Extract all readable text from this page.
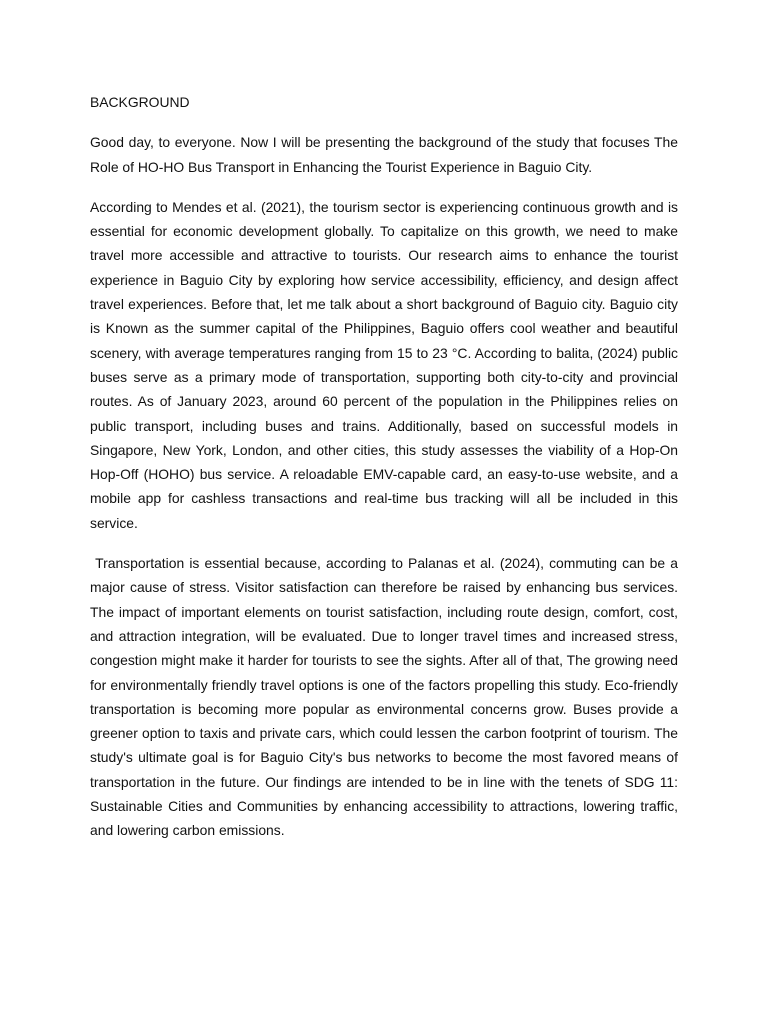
BACKGROUND

Good day, to everyone. Now I will be presenting the background of the study that focuses The Role of HO-HO Bus Transport in Enhancing the Tourist Experience in Baguio City.

According to Mendes et al. (2021), the tourism sector is experiencing continuous growth and is essential for economic development globally. To capitalize on this growth, we need to make travel more accessible and attractive to tourists. Our research aims to enhance the tourist experience in Baguio City by exploring how service accessibility, efficiency, and design affect travel experiences. Before that, let me talk about a short background of Baguio city. Baguio city is Known as the summer capital of the Philippines, Baguio offers cool weather and beautiful scenery, with average temperatures ranging from 15 to 23 °C. According to balita, (2024) public buses serve as a primary mode of transportation, supporting both city-to-city and provincial routes. As of January 2023, around 60 percent of the population in the Philippines relies on public transport, including buses and trains. Additionally, based on successful models in Singapore, New York, London, and other cities, this study assesses the viability of a Hop-On Hop-Off (HOHO) bus service. A reloadable EMV-capable card, an easy-to-use website, and a mobile app for cashless transactions and real-time bus tracking will all be included in this service.

Transportation is essential because, according to Palanas et al. (2024), commuting can be a major cause of stress. Visitor satisfaction can therefore be raised by enhancing bus services. The impact of important elements on tourist satisfaction, including route design, comfort, cost, and attraction integration, will be evaluated. Due to longer travel times and increased stress, congestion might make it harder for tourists to see the sights. After all of that, The growing need for environmentally friendly travel options is one of the factors propelling this study. Eco-friendly transportation is becoming more popular as environmental concerns grow. Buses provide a greener option to taxis and private cars, which could lessen the carbon footprint of tourism. The study's ultimate goal is for Baguio City's bus networks to become the most favored means of transportation in the future. Our findings are intended to be in line with the tenets of SDG 11: Sustainable Cities and Communities by enhancing accessibility to attractions, lowering traffic, and lowering carbon emissions.
